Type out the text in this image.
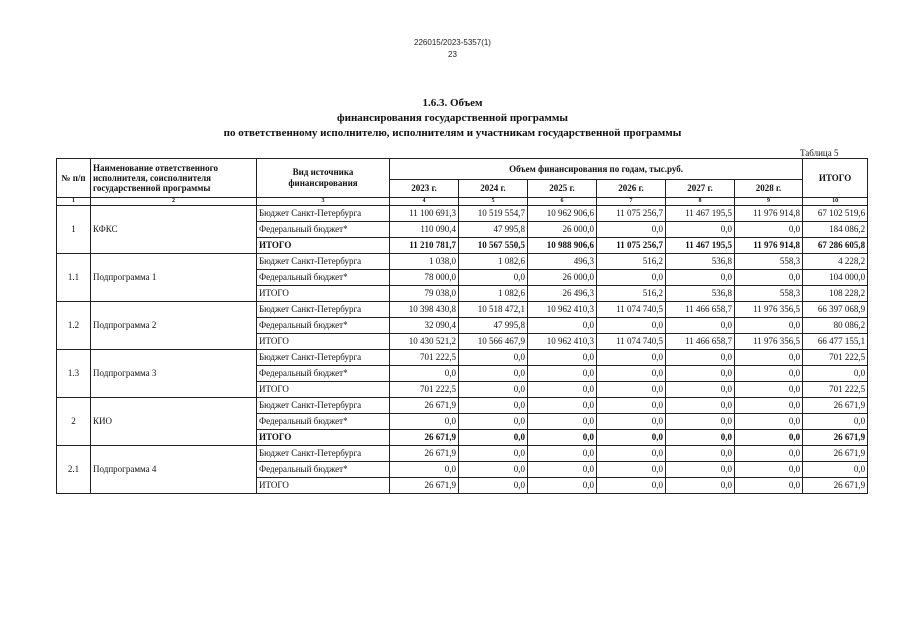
226015/2023-5357(1)
23
1.6.3. Объем
финансирования государственной программы
по ответственному исполнителю, исполнителям и участникам государственной программы
Таблица 5
№ п/п	Наименование ответственного исполнителя, соисполнителя государственной программы	Вид источника финансирования	Объем финансирования по годам, тыс.руб.						ИТОГО
			2023 г.	2024 г.	2025 г.	2026 г.	2027 г.	2028 г.	
1	2	3	4	5	6	7	8	9	10
1	КФКС	Бюджет Санкт-Петербурга	11 100 691,3	10 519 554,7	10 962 906,6	11 075 256,7	11 467 195,5	11 976 914,8	67 102 519,6
		Федеральный бюджет*	110 090,4	47 995,8	26 000,0	0,0	0,0	0,0	184 086,2
		ИТОГО	11 210 781,7	10 567 550,5	10 988 906,6	11 075 256,7	11 467 195,5	11 976 914,8	67 286 605,8
1.1	Подпрограмма 1	Бюджет Санкт-Петербурга	1 038,0	1 082,6	496,3	516,2	536,8	558,3	4 228,2
		Федеральный бюджет*	78 000,0	0,0	26 000,0	0,0	0,0	0,0	104 000,0
		ИТОГО	79 038,0	1 082,6	26 496,3	516,2	536,8	558,3	108 228,2
1.2	Подпрограмма 2	Бюджет Санкт-Петербурга	10 398 430,8	10 518 472,1	10 962 410,3	11 074 740,5	11 466 658,7	11 976 356,5	66 397 068,9
		Федеральный бюджет*	32 090,4	47 995,8	0,0	0,0	0,0	0,0	80 086,2
		ИТОГО	10 430 521,2	10 566 467,9	10 962 410,3	11 074 740,5	11 466 658,7	11 976 356,5	66 477 155,1
1.3	Подпрограмма 3	Бюджет Санкт-Петербурга	701 222,5	0,0	0,0	0,0	0,0	0,0	701 222,5
		Федеральный бюджет*	0,0	0,0	0,0	0,0	0,0	0,0	0,0
		ИТОГО	701 222,5	0,0	0,0	0,0	0,0	0,0	701 222,5
2	КИО	Бюджет Санкт-Петербурга	26 671,9	0,0	0,0	0,0	0,0	0,0	26 671,9
		Федеральный бюджет*	0,0	0,0	0,0	0,0	0,0	0,0	0,0
		ИТОГО	26 671,9	0,0	0,0	0,0	0,0	0,0	26 671,9
2.1	Подпрограмма 4	Бюджет Санкт-Петербурга	26 671,9	0,0	0,0	0,0	0,0	0,0	26 671,9
		Федеральный бюджет*	0,0	0,0	0,0	0,0	0,0	0,0	0,0
		ИТОГО	26 671,9	0,0	0,0	0,0	0,0	0,0	26 671,9
